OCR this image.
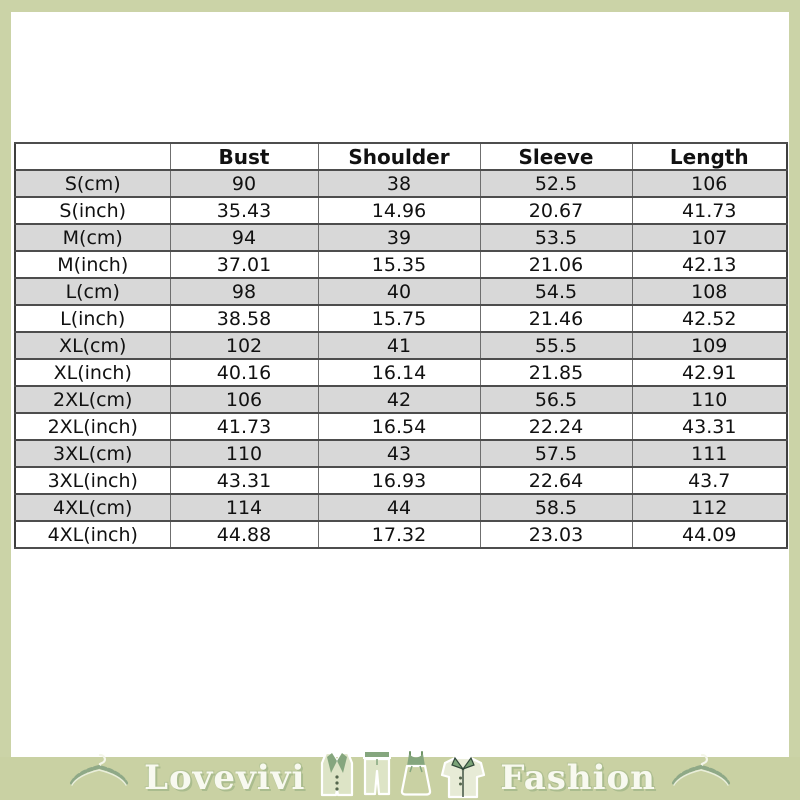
	Bust	Shoulder	Sleeve	Length
S(cm)	90	38	52.5	106
S(inch)	35.43	14.96	20.67	41.73
M(cm)	94	39	53.5	107
M(inch)	37.01	15.35	21.06	42.13
L(cm)	98	40	54.5	108
L(inch)	38.58	15.75	21.46	42.52
XL(cm)	102	41	55.5	109
XL(inch)	40.16	16.14	21.85	42.91
2XL(cm)	106	42	56.5	110
2XL(inch)	41.73	16.54	22.24	43.31
3XL(cm)	110	43	57.5	111
3XL(inch)	43.31	16.93	22.64	43.7
4XL(cm)	114	44	58.5	112
4XL(inch)	44.88	17.32	23.03	44.09
Lovevivi	Fashion
